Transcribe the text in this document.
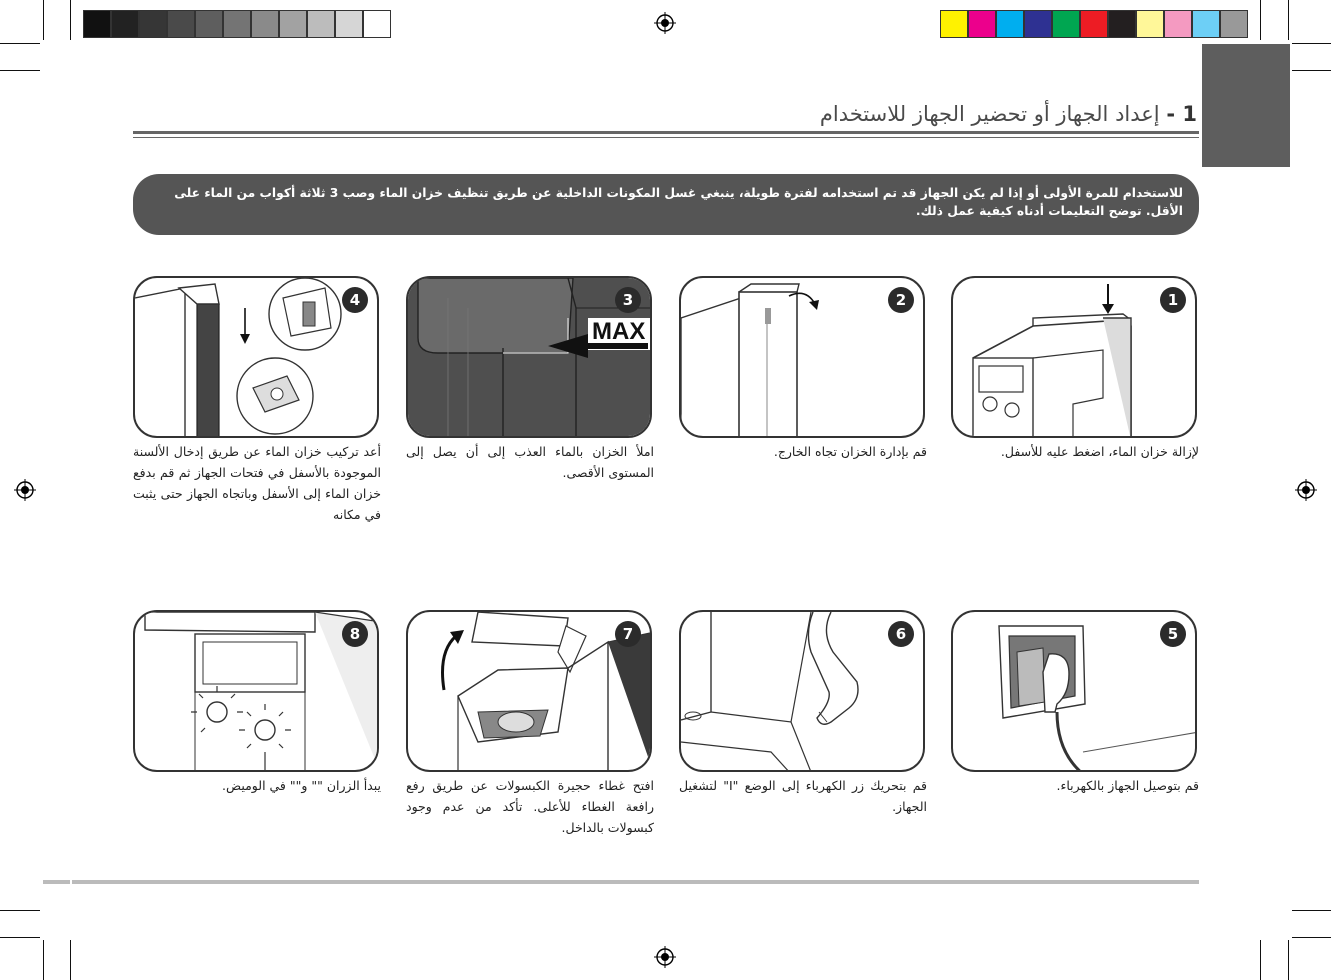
1 - إعداد الجهاز أو تحضير الجهاز للاستخدام
للاستخدام للمرة الأولى أو إذا لم يكن الجهاز قد تم استخدامه لفترة طويلة، ينبغي غسل المكونات الداخلية عن طريق تنظيف خزان الماء وصب 3 ثلاثة أكواب من الماء على الأقل. توضح التعليمات أدناه كيفية عمل ذلك.
1
لإزالة خزان الماء، اضغط عليه للأسفل.
2
قم بإدارة الخزان تجاه الخارج.
MAX
3
املأ الخزان بالماء العذب إلى أن يصل إلى المستوى الأقصى.
4
أعد تركيب خزان الماء عن طريق إدخال الألسنة الموجودة بالأسفل في فتحات الجهاز ثم قم بدفع خزان الماء إلى الأسفل وباتجاه الجهاز حتى يثبت في مكانه
5
قم بتوصيل الجهاز بالكهرباء.
6
قم بتحريك زر الكهرباء إلى الوضع "I" لتشغيل الجهاز.
7
افتح غطاء حجيرة الكبسولات عن طريق رفع رافعة الغطاء للأعلى. تأكد من عدم وجود كبسولات بالداخل.
8
يبدأ الزران "" و"" في الوميض.
